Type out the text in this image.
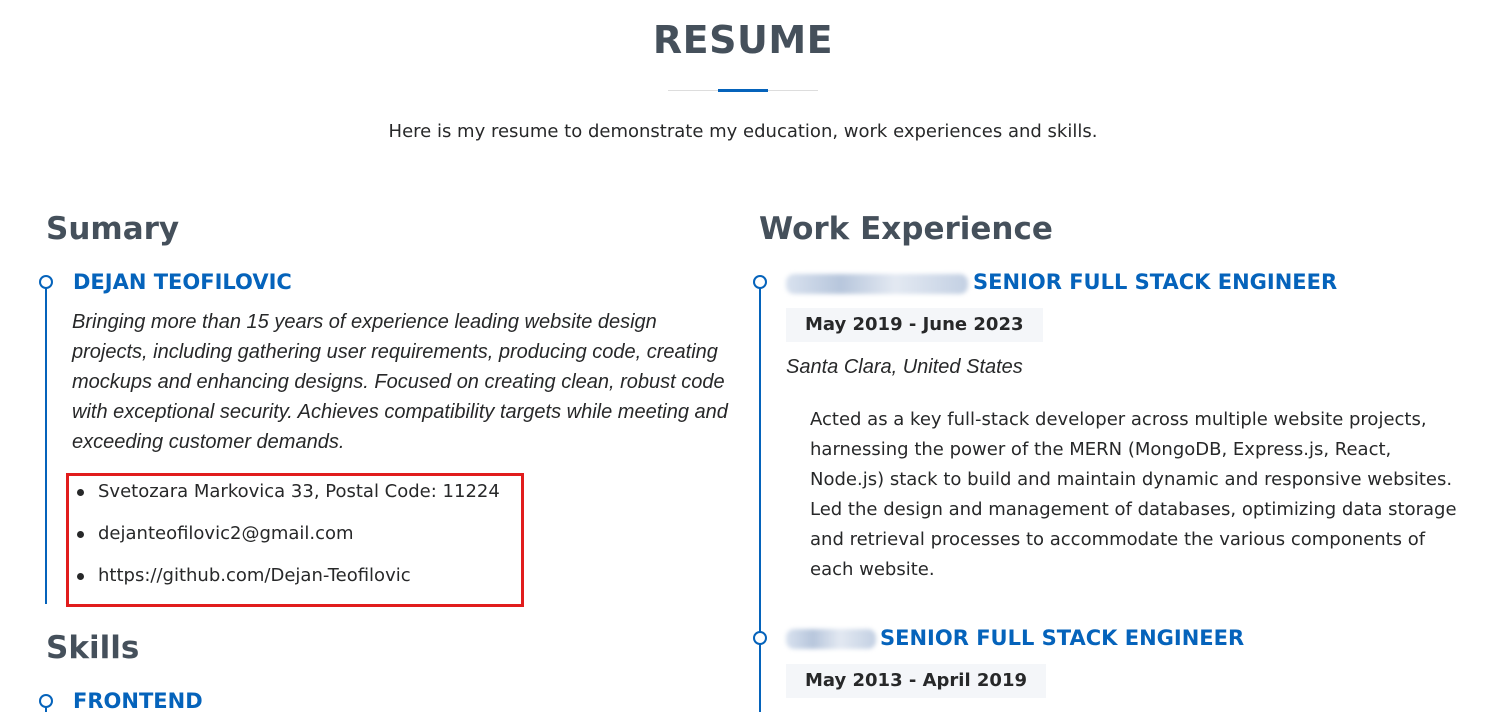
RESUME

Here is my resume to demonstrate my education, work experiences and skills.

Sumary
DEJAN TEOFILOVIC

Bringing more than 15 years of experience leading website design projects, including gathering user requirements, producing code, creating mockups and enhancing designs. Focused on creating clean, robust code with exceptional security. Achieves compatibility targets while meeting and exceeding customer demands.

Svetozara Markovica 33, Postal Code: 11224
dejanteofilovic2@gmail.com
https://github.com/Dejan-Teofilovic
Skills
FRONTEND
Work Experience
SENIOR FULL STACK ENGINEER
May 2019 - June 2023

Santa Clara, United States

Acted as a key full-stack developer across multiple website projects, harnessing the power of the MERN (MongoDB, Express.js, React, Node.js) stack to build and maintain dynamic and responsive websites. Led the design and management of databases, optimizing data storage and retrieval processes to accommodate the various components of each website.

SENIOR FULL STACK ENGINEER
May 2013 - April 2019
